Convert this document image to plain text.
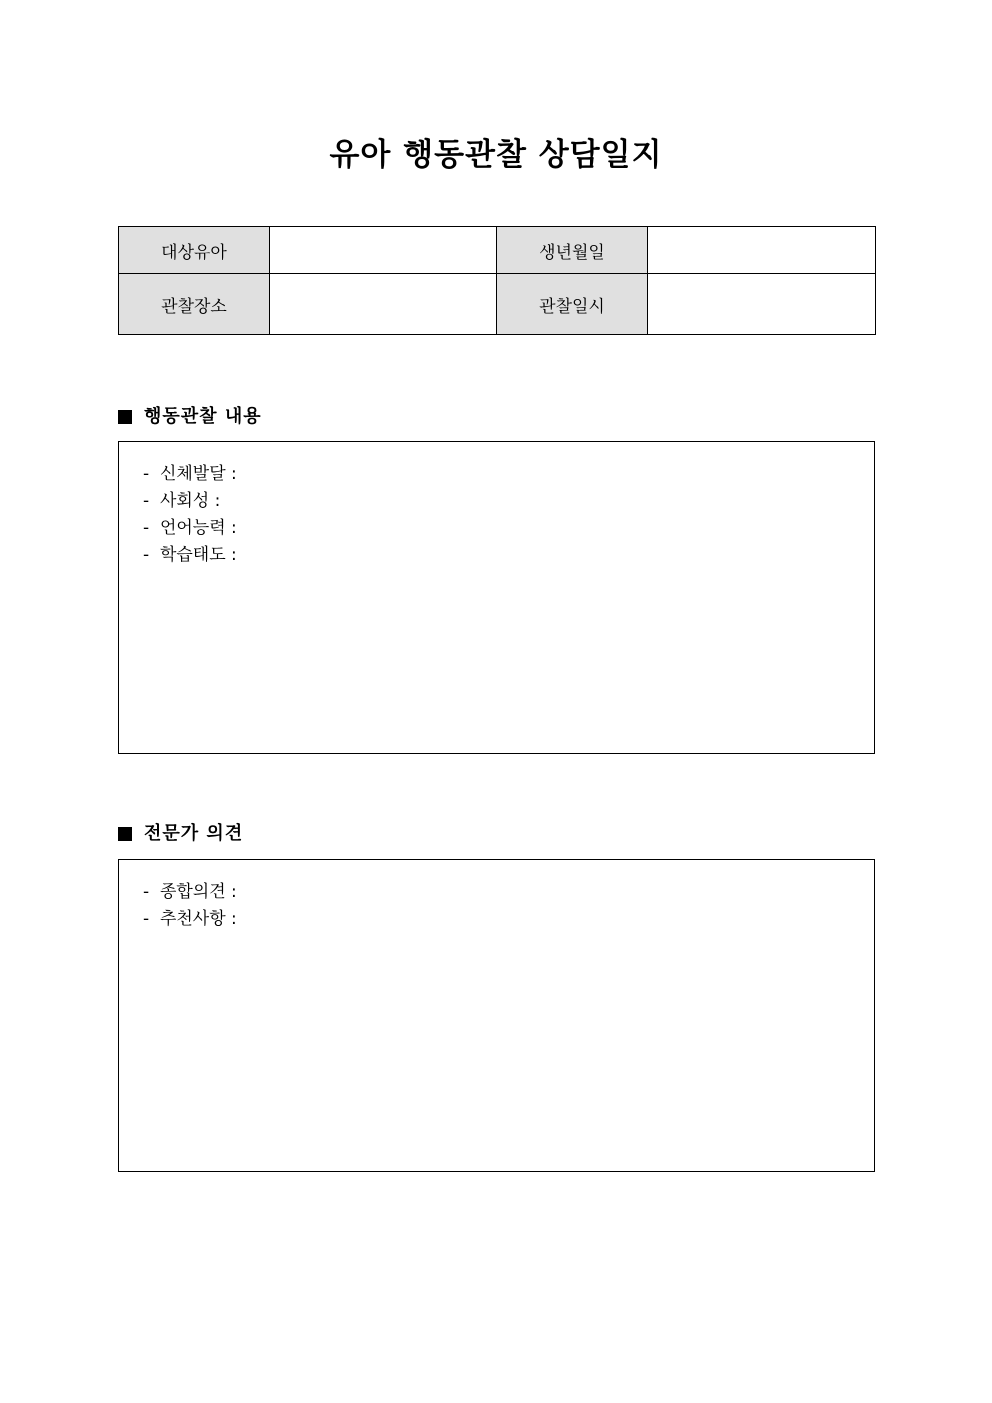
유아 행동관찰 상담일지
대상유아		생년월일	
관찰장소		관찰일시	
행동관찰 내용
-  신체발달 :
-  사회성 :
-  언어능력 :
-  학습태도 :
전문가 의견
-  종합의견 :
-  추천사항 :
